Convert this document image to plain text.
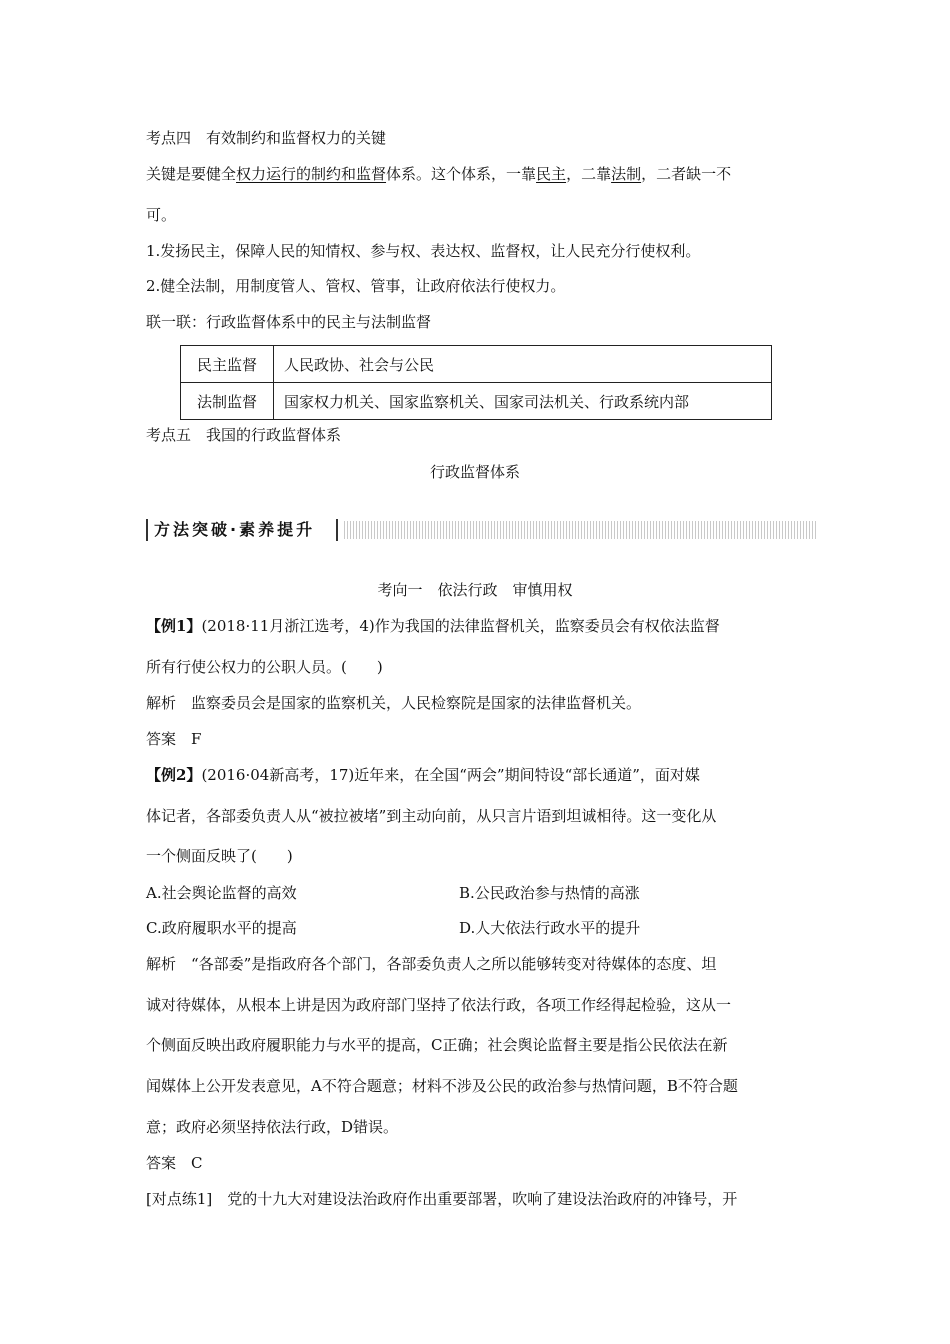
考点四　有效制约和监督权力的关键
关键是要健全权力运行的制约和监督体系。这个体系，一靠民主，二靠法制，二者缺一不
可。
1.发扬民主，保障人民的知情权、参与权、表达权、监督权，让人民充分行使权利。
2.健全法制，用制度管人、管权、管事，让政府依法行使权力。
联一联：行政监督体系中的民主与法制监督
民主监督	人民政协、社会与公民
法制监督	国家权力机关、国家监察机关、国家司法机关、行政系统内部
考点五　我国的行政监督体系
行政监督体系
方法突破·素养提升
考向一　依法行政　审慎用权
【例1】(2018·11月浙江选考，4)作为我国的法律监督机关，监察委员会有权依法监督
所有行使公权力的公职人员。(　　)
解析　监察委员会是国家的监察机关，人民检察院是国家的法律监督机关。
答案　F
【例2】(2016·04新高考，17)近年来，在全国“两会”期间特设“部长通道”，面对媒
体记者，各部委负责人从“被拉被堵”到主动向前，从只言片语到坦诚相待。这一变化从
一个侧面反映了(　　)
A.社会舆论监督的高效	B.公民政治参与热情的高涨
C.政府履职水平的提高	D.人大依法行政水平的提升
解析　“各部委”是指政府各个部门，各部委负责人之所以能够转变对待媒体的态度、坦
诚对待媒体，从根本上讲是因为政府部门坚持了依法行政，各项工作经得起检验，这从一
个侧面反映出政府履职能力与水平的提高，C正确；社会舆论监督主要是指公民依法在新
闻媒体上公开发表意见，A不符合题意；材料不涉及公民的政治参与热情问题，B不符合题
意；政府必须坚持依法行政，D错误。
答案　C
[对点练1]　党的十九大对建设法治政府作出重要部署，吹响了建设法治政府的冲锋号，开
